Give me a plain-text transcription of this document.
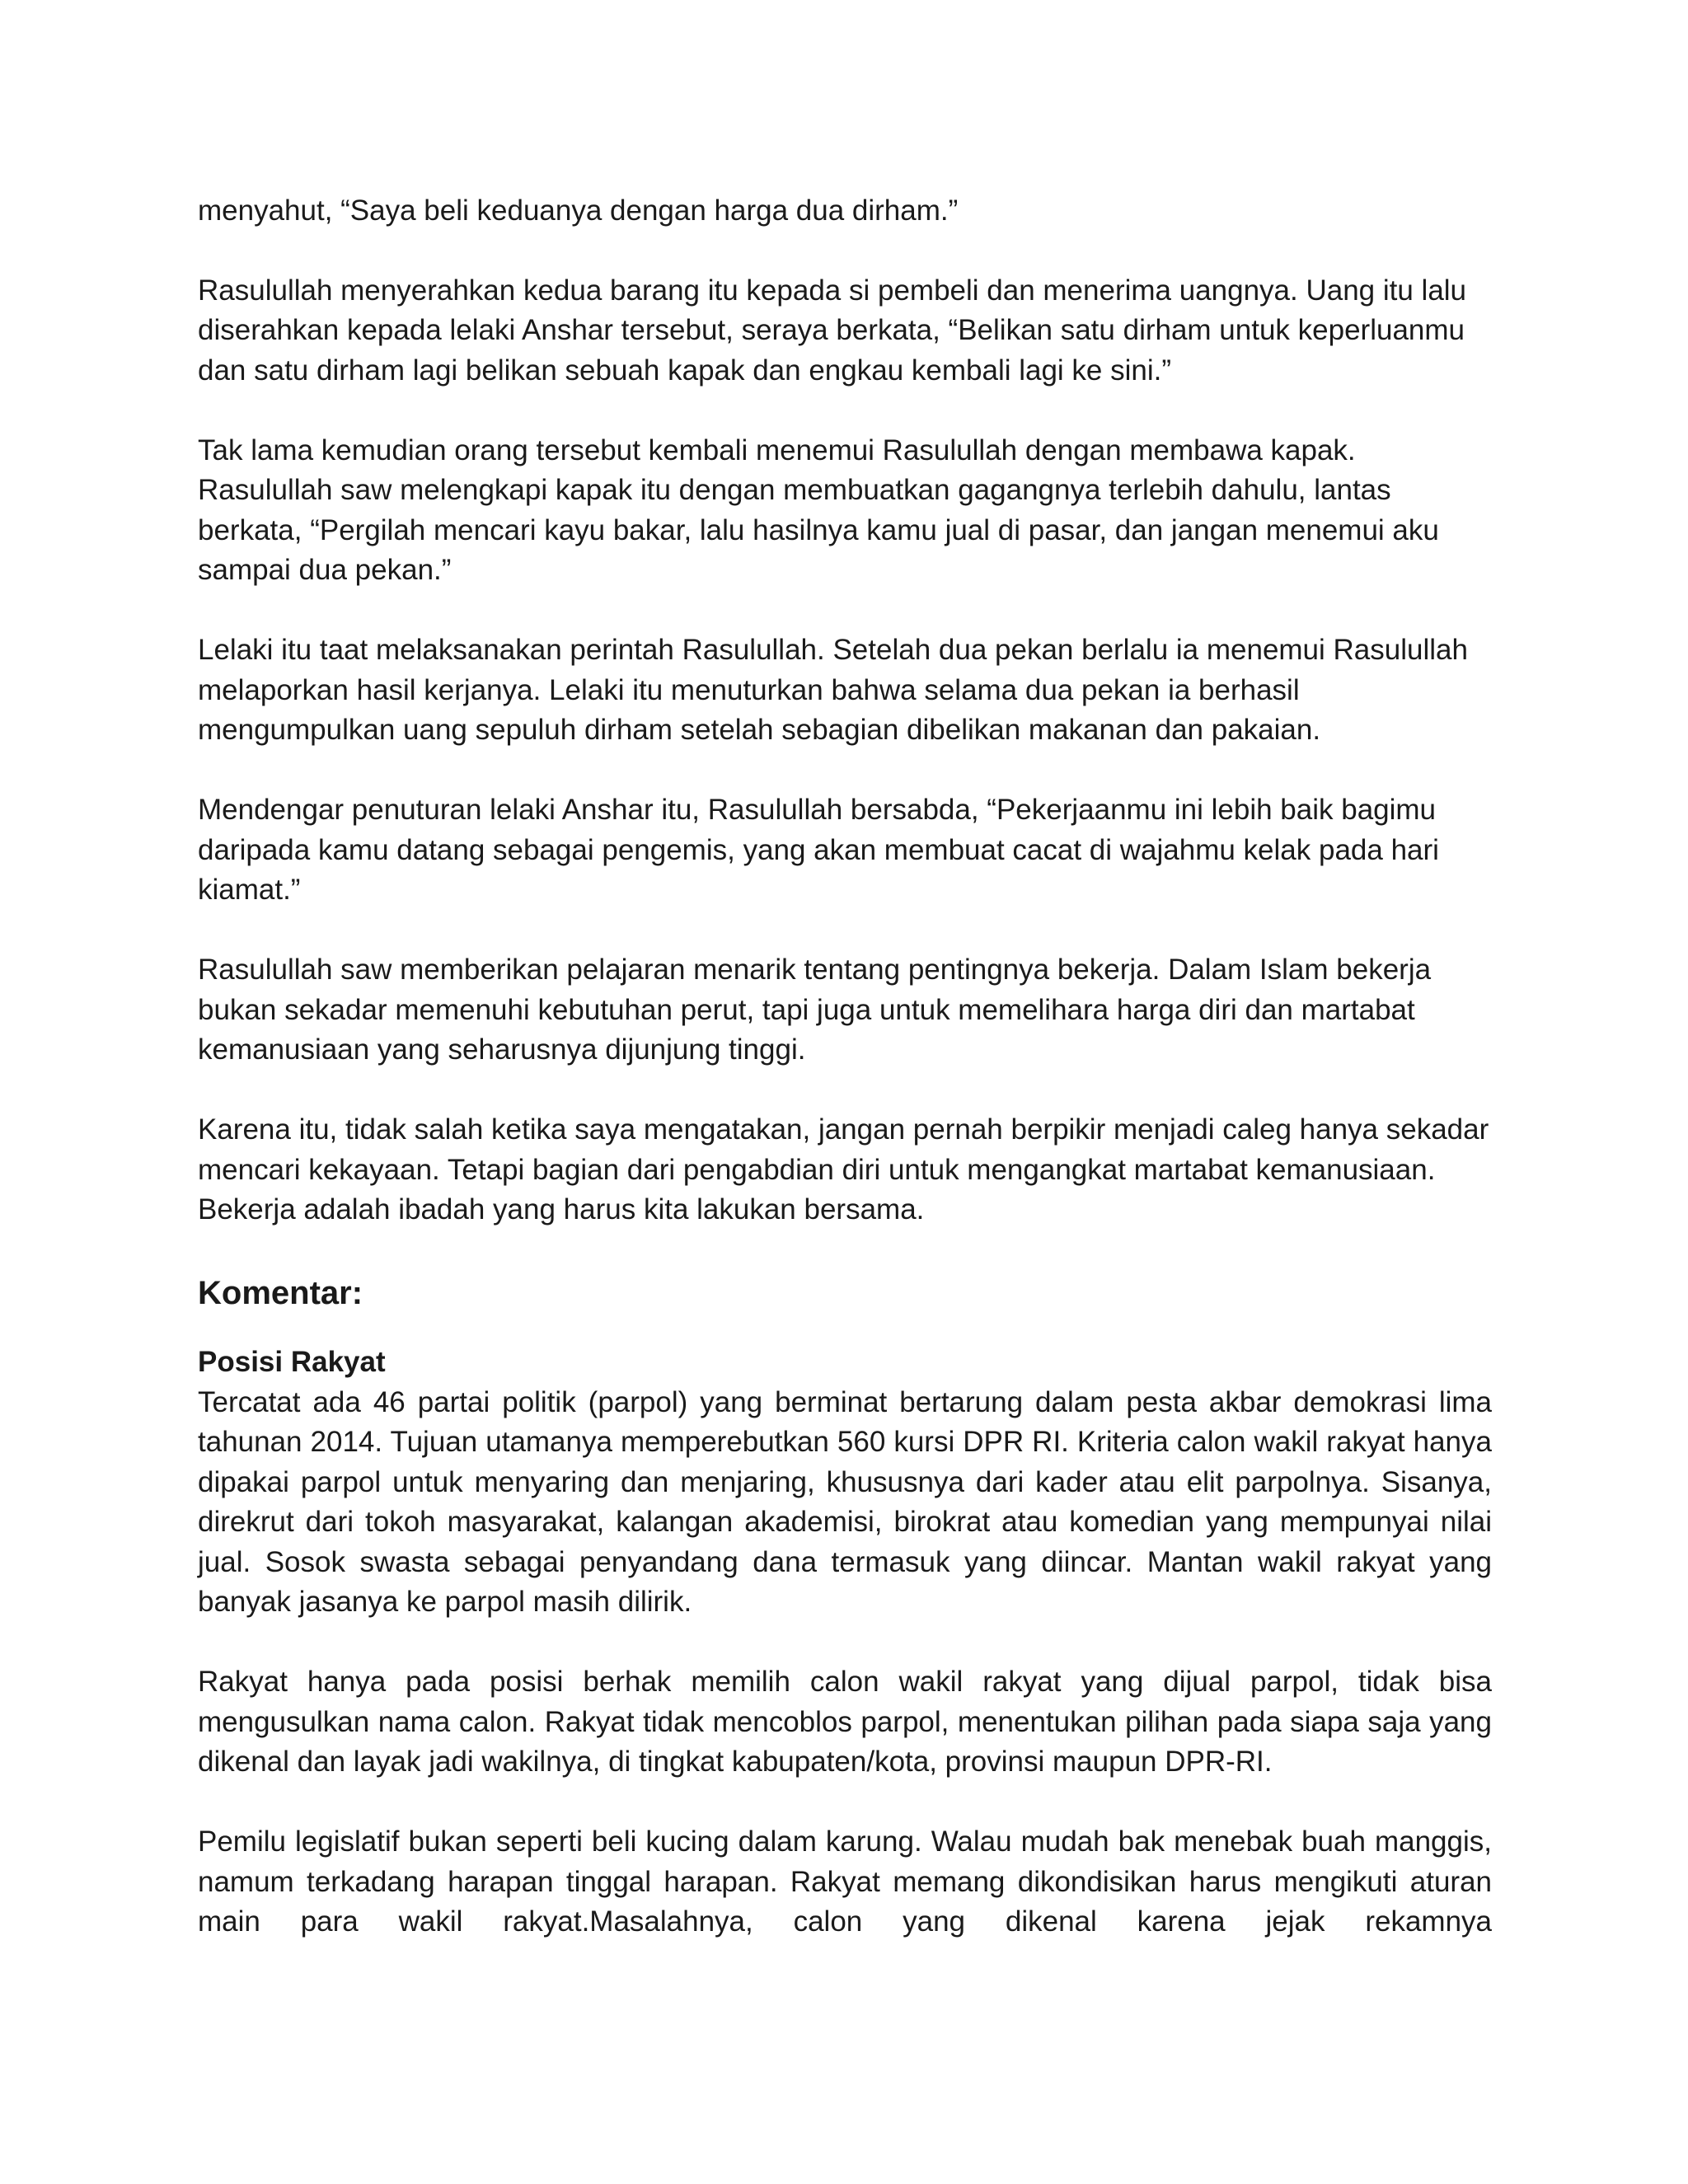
menyahut, “Saya beli keduanya dengan harga dua dirham.”

Rasulullah menyerahkan kedua barang itu kepada si pembeli dan menerima uangnya. Uang itu lalu diserahkan kepada lelaki Anshar tersebut, seraya berkata, “Belikan satu dirham untuk keperluanmu dan satu dirham lagi belikan sebuah kapak dan engkau kembali lagi ke sini.”

Tak lama kemudian orang tersebut kembali menemui Rasulullah dengan membawa kapak. Rasulullah saw melengkapi kapak itu dengan membuatkan gagangnya terlebih dahulu, lantas berkata, “Pergilah mencari kayu bakar, lalu hasilnya kamu jual di pasar, dan jangan menemui aku sampai dua pekan.”

Lelaki itu taat melaksanakan perintah Rasulullah. Setelah dua pekan berlalu ia menemui Rasulullah melaporkan hasil kerjanya. Lelaki itu menuturkan bahwa selama dua pekan ia berhasil mengumpulkan uang sepuluh dirham setelah sebagian dibelikan makanan dan pakaian.

Mendengar penuturan lelaki Anshar itu, Rasulullah bersabda, “Pekerjaanmu ini lebih baik bagimu daripada kamu datang sebagai pengemis, yang akan membuat cacat di wajahmu kelak pada hari kiamat.”

Rasulullah saw memberikan pelajaran menarik tentang pentingnya bekerja. Dalam Islam bekerja bukan sekadar memenuhi kebutuhan perut, tapi juga untuk memelihara harga diri dan martabat kemanusiaan yang seharusnya dijunjung tinggi.

Karena itu, tidak salah ketika saya mengatakan, jangan pernah berpikir menjadi caleg hanya sekadar mencari kekayaan. Tetapi bagian dari pengabdian diri untuk mengangkat martabat kemanusiaan. Bekerja adalah ibadah yang harus kita lakukan bersama.

Komentar:

Posisi Rakyat

Tercatat ada 46 partai politik (parpol) yang berminat bertarung dalam pesta akbar demokrasi lima tahunan 2014. Tujuan utamanya memperebutkan 560 kursi DPR RI. Kriteria calon wakil rakyat hanya dipakai parpol untuk menyaring dan menjaring, khususnya dari kader atau elit parpolnya. Sisanya, direkrut dari tokoh masyarakat, kalangan akademisi, birokrat atau komedian yang mempunyai nilai jual. Sosok swasta sebagai penyandang dana termasuk yang diincar. Mantan wakil rakyat yang banyak jasanya ke parpol masih dilirik.

Rakyat hanya pada posisi berhak memilih calon wakil rakyat yang dijual parpol, tidak bisa mengusulkan nama calon. Rakyat tidak mencoblos parpol, menentukan pilihan pada siapa saja yang dikenal dan layak jadi wakilnya, di tingkat kabupaten/kota, provinsi maupun DPR-RI.

Pemilu legislatif bukan seperti beli kucing dalam karung. Walau mudah bak menebak buah manggis, namum terkadang harapan tinggal harapan. Rakyat memang dikondisikan harus mengikuti aturan main para wakil rakyat.Masalahnya, calon yang dikenal karena jejak rekamnya
